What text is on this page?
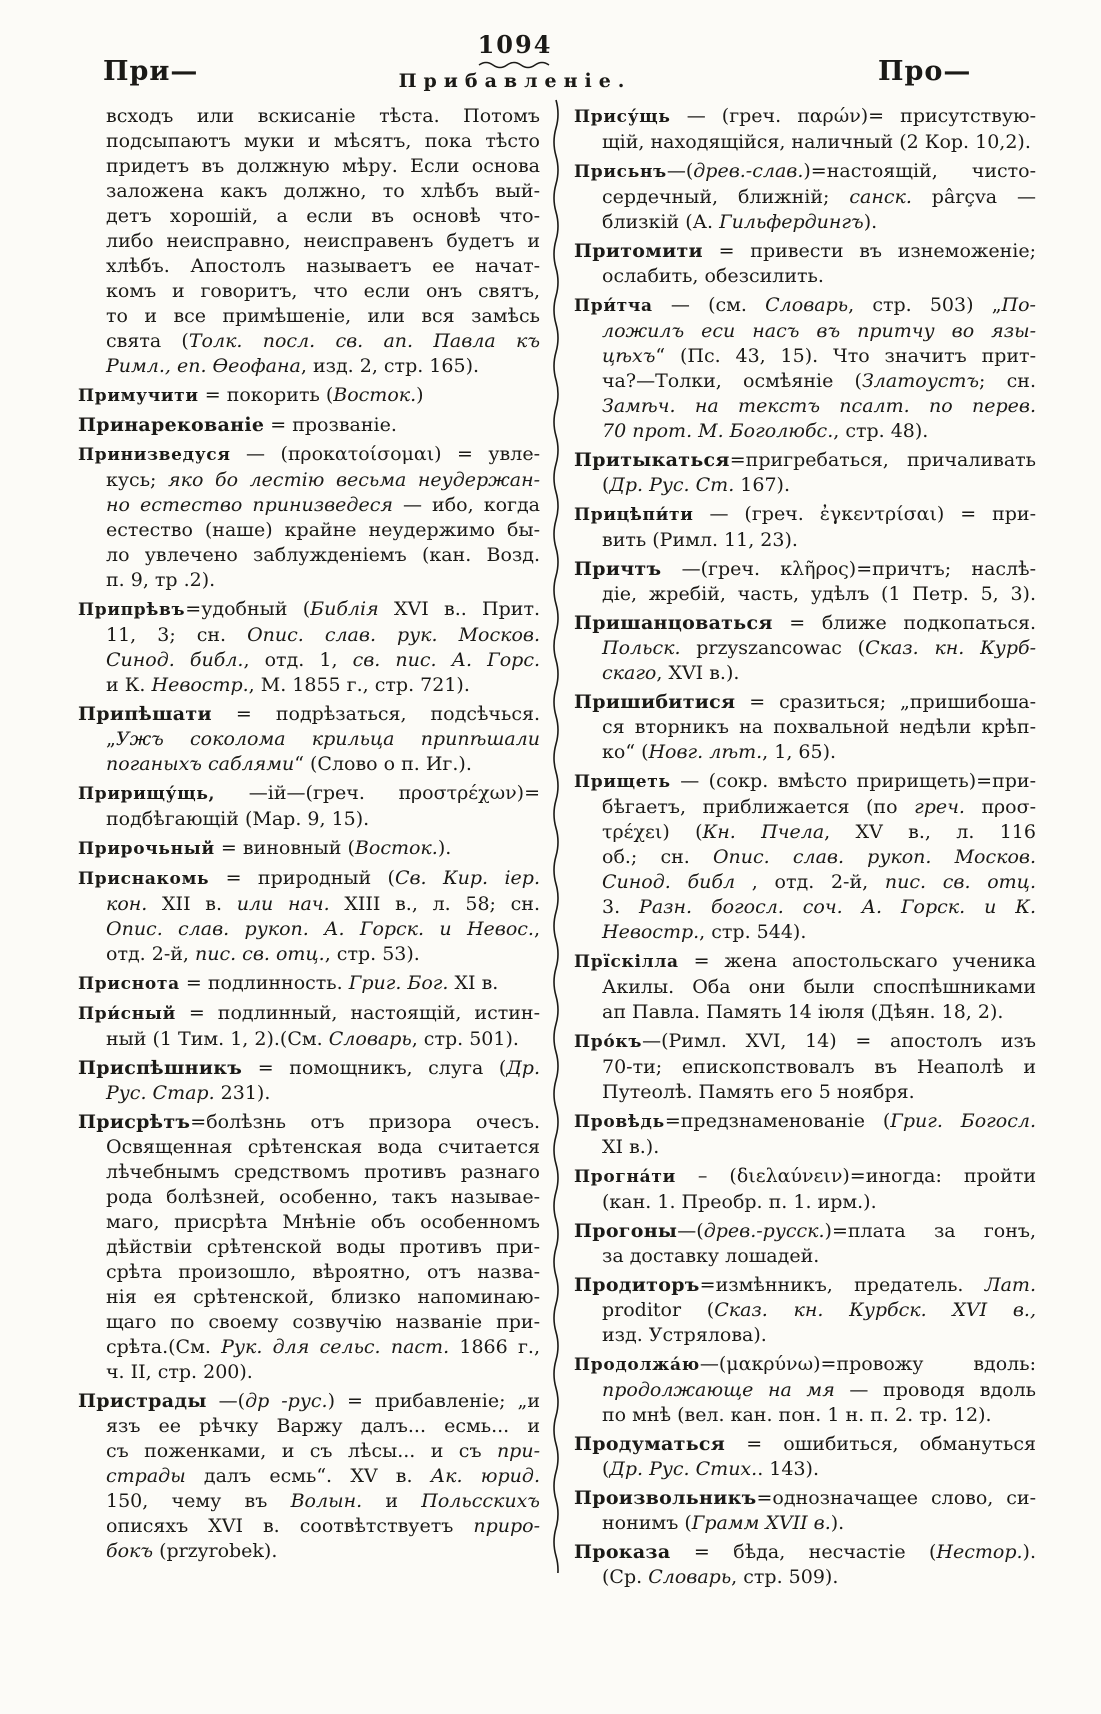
При—
1094
Прибавленіе.	Про—

всходъ или вскисаніе тѣста. Потомъ
подсыпаютъ муки и мѣсятъ, пока тѣсто
придетъ въ должную мѣру. Если основа
заложена какъ должно, то хлѣбъ вый-
детъ хорошій, а если въ основѣ что-
либо неисправно, неисправенъ будетъ и
хлѣбъ. Апостолъ называетъ ее начат-
комъ и говоритъ, что если онъ святъ,
то и все примѣшеніе, или вся замѣсь
свята (Толк. посл. св. ап. Павла къ
Римл., еп. Ѳеофана, изд. 2, стр. 165).

Примучити = покорить (Восток.)

Принарекованіе = прозваніе.

Принизведуся — (προκατοίσομαι) = увле-
кусь; яко бо лестію весьма неудержан-
но естество принизведеся — ибо, когда
естество (наше) крайне неудержимо бы-
ло увлечено заблужденіемъ (кан. Возд.
п. 9, тр .2).

Припрѣвъ=удобный (Библія XVI в.. Прит.
11, 3; сн. Опис. слав. рук. Москов.
Синод. библ., отд. 1, св. пис. А. Горс.
и К. Невостр., М. 1855 г., стр. 721).

Припѣшати = подрѣзаться, подсѣчься.
„Ужъ соколома крильца припѣшали
поганыхъ саблями“ (Слово о п. Иг.).

Пририщу́щь, —ій—(греч. προστρέχων)=
подбѣгающій (Мар. 9, 15).

Прирочьный = виновный (Восток.).

Приснакомь = природный (Св. Кир. іер.
кон. XII в. или нач. XIII в., л. 58; сн.
Опис. слав. рукоп. А. Горск. и Невос.,
отд. 2-й, пис. св. отц., стр. 53).

Приснота = подлинность. Григ. Бог. XI в.

При́сный = подлинный, настоящій, истин-
ный (1 Тим. 1, 2).(См. Словарь, стр. 501).

Приспѣшникъ = помощникъ, слуга (Др.
Рус. Стар. 231).

Присрѣтъ=болѣзнь отъ призора очесъ.
Освященная срѣтенская вода считается
лѣчебнымъ средствомъ противъ разнаго
рода болѣзней, особенно, такъ называе-
маго, присрѣта Мнѣніе объ особенномъ
дѣйствіи срѣтенской воды противъ при-
срѣта произошло, вѣроятно, отъ назва-
нія ея срѣтенской, близко напоминаю-
щаго по своему созвучію названіе при-
срѣта.(См. Рук. для сельс. паст. 1866 г.,
ч. II, стр. 200).

Пристрады —(др -рус.) = прибавленіе; „и
язъ ее рѣчку Варжу далъ... есмь... и
съ поженками, и съ лѣсы... и съ при-
страды далъ есмь“. XV в. Ак. юрид.
150, чему въ Волын. и Польсскихъ
описяхъ XVI в. соотвѣтствуетъ приро-
бокъ (przyrobek).

Прису́щь — (греч. παρών)= присутствую-
щій, находящійся, наличный (2 Кор. 10,2).

Присьнъ—(древ.-слав.)=настоящій, чисто-
сердечный, ближній; санск. pârçva —
близкій (А. Гильфердингъ).

Притомити = привести въ изнеможеніе;
ослабить, обезсилить.

При́тча — (см. Словарь, стр. 503) „По-
ложилъ еси насъ въ притчу во язы-
цѣхъ“ (Пс. 43, 15). Что значитъ прит-
ча?—Толки, осмѣяніе (Златоустъ; сн.
Замѣч. на текстъ псалт. по перев.
70 прот. М. Боголюбс., стр. 48).

Притыкаться=пригребаться, причаливать
(Др. Рус. Ст. 167).

Прицѣпи́ти — (греч. ἐγκεντρίσαι) = при-
вить (Римл. 11, 23).

Причтъ —(греч. κλῆρος)=причтъ; наслѣ-
діе, жребій, часть, удѣлъ (1 Петр. 5, 3).

Пришанцоваться = ближе подкопаться.
Польск. przyszancowac (Сказ. кн. Курб-
скаго, XVI в.).

Пришибитися = сразиться; „пришибоша-
ся вторникъ на похвальной недѣли крѣп-
ко“ (Новг. лѣт., 1, 65).

Прищеть — (сокр. вмѣсто пририщеть)=при-
бѣгаетъ, приближается (по греч. προσ-
τρέχει) (Кн. Пчела, XV в., л. 116
об.; сн. Опис. слав. рукоп. Москов.
Синод. библ , отд. 2-й, пис. св. отц.
3. Разн. богосл. соч. А. Горск. и К.
Невостр., стр. 544).

Прїскілла = жена апостольскаго ученика
Акилы. Оба они были споспѣшниками
ап Павла. Память 14 іюля (Дѣян. 18, 2).

Про́къ—(Римл. XVI, 14) = апостолъ изъ
70-ти; епископствовалъ въ Неаполѣ и
Путеолѣ. Память его 5 ноября.

Провѣдь=предзнаменованіе (Григ. Богосл.
XI в.).

Прогна́ти – (διελαύνειν)=иногда: пройти
(кан. 1. Преобр. п. 1. ирм.).

Прогоны—(древ.-русск.)=плата за гонъ,
за доставку лошадей.

Продиторъ=измѣнникъ, предатель. Лат.
proditor (Сказ. кн. Курбск. XVI в.,
изд. Устрялова).

Продолжа́ю—(μακρύνω)=провожу вдоль:
продолжающе на мя — проводя вдоль
по мнѣ (вел. кан. пон. 1 н. п. 2. тр. 12).

Продуматься = ошибиться, обмануться
(Др. Рус. Стих.. 143).

Произвольникъ=однозначащее слово, си-
нонимъ (Грамм XVII в.).

Проказа = бѣда, несчастіе (Нестор.).
(Ср. Словарь, стр. 509).
